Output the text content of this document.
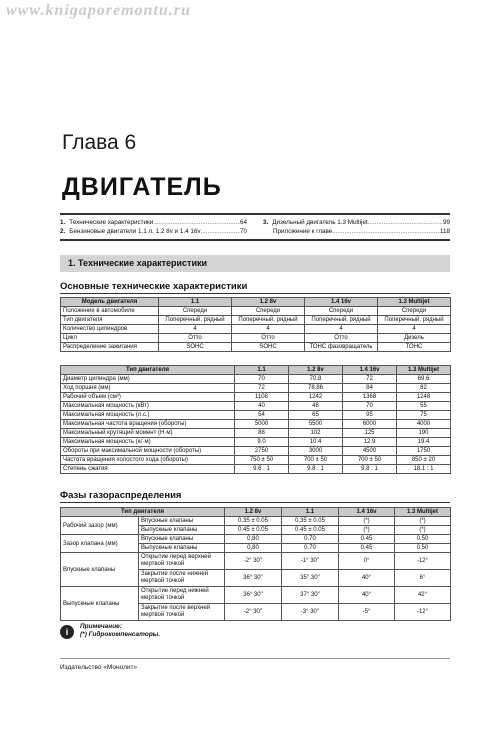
www.knigaporemontu.ru
Глава 6
ДВИГАТЕЛЬ
1. Технические характеристики .....	64	3. Дизельный двигатель 1.3 Multijet .....	99
2. Бензиновые двигатели 1.1 л, 1.2 8v и 1.4 16v .....	70	Приложение к главе .....	118
1. Технические характеристики
Основные технические характеристики
Модель двигателя	1.1	1.2 8v	1.4 16v	1.3 Multijet
Положение в автомобиле	Спереди	Спереди	Спереди	Спереди
Тип двигателя	Поперечный, рядный	Поперечный, рядный	Поперечный, рядный	Поперечный, рядный
Количество цилиндров	4	4	4	4
Цикл	Отто	Отто	Отто	Дизель
Распределение зажигания	SOHC	SOHC	ТОНС фазовращатель	ТОНС
Тип двигателя	1.1	1.2 8v	1.4 16v	1.3 Multijet
Диаметр цилиндра (мм)	70	70.8	72	69.6
Ход поршня (мм)	72	78.86	84	82
Рабочий объем (см³)	1108	1242	1368	1248
Максимальная мощность (кВт)	40	48	70	55
Максимальная мощность (л.с.)	54	65	95	75
Максимальная частота вращения (обороты)	5000	5500	6000	4000
Максимальный крутящий момент (Н·м)	88	102	125	190
Максимальная мощность (кг·м)	9.0	10.4	12.9	19.4
Обороты при максимальной мощности (обороты)	2750	3000	4500	1750
Частота вращения холостого хода (обороты)	750 ± 50	700 ± 50	700 ± 50	850 ± 20
Степень сжатия	9.6 : 1	9.8 : 1	9.8 : 1	18.1 : 1
Фазы газораспределения
Тип двигателя		1.2 8v	1.1	1.4 16v	1.3 Multijet
Рабочий зазор (мм)	Впускные клапаны	0.35 ± 0.05	0.35 ± 0.05	(*)	(*)
	Выпускные клапаны	0.45 ± 0.05	0.45 ± 0.05	(*)	(*)
Зазор клапана (мм)	Впускные клапаны	0,80	0.70	0.45	0.50
	Выпускные клапаны	0,80	0.70	0.45	0.50
Впускные клапаны	Открытие перед верхней мертвой точкой	-2° 30''	-1° 30''	0°	-12°
	Закрытие после нижней мертвой точкой	36° 30''	35° 30''	40°	6°
Выпускные клапаны	Открытие перед нижней мертвой точкой	36° 30''	37° 30''	40°	42°
	Закрытие после верхней мертвой точкой	-2° 30''	-3° 30''	-5°	-12°
i
Примечание:
(*) Гидрокомпенсаторы.
Издательство «Монолит»
